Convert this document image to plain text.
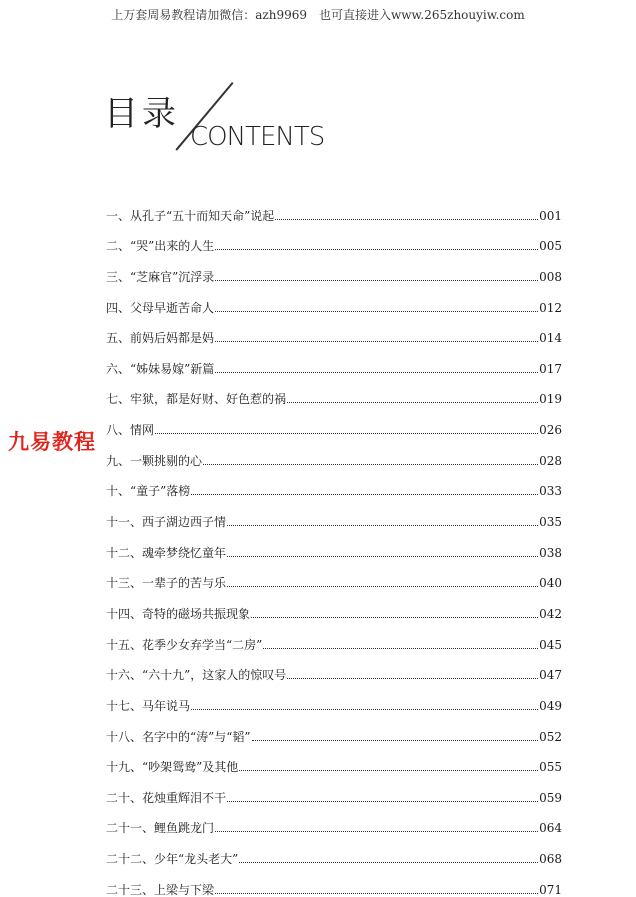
上万套周易教程请加微信：azh9969　也可直接进入www.265zhouyiw.com
目录
CONTENTS
一、从孔子“五十而知天命”说起	001
二、“哭”出来的人生	005
三、“芝麻官”沉浮录	008
四、父母早逝苦命人	012
五、前妈后妈都是妈	014
六、“姊妹易嫁”新篇	017
七、牢狱，都是好财、好色惹的祸	019
八、情网	026
九、一颗挑剔的心	028
十、“童子”落榜	033
十一、西子湖边西子情	035
十二、魂牵梦绕忆童年	038
十三、一辈子的苦与乐	040
十四、奇特的磁场共振现象	042
十五、花季少女弃学当“二房”	045
十六、“六十九”，这家人的惊叹号	047
十七、马年说马	049
十八、名字中的“涛”与“韬”	052
十九、“吵架鸳鸯”及其他	055
二十、花烛重辉泪不干	059
二十一、鲤鱼跳龙门	064
二十二、少年“龙头老大”	068
二十三、上梁与下梁	071
九易教程
